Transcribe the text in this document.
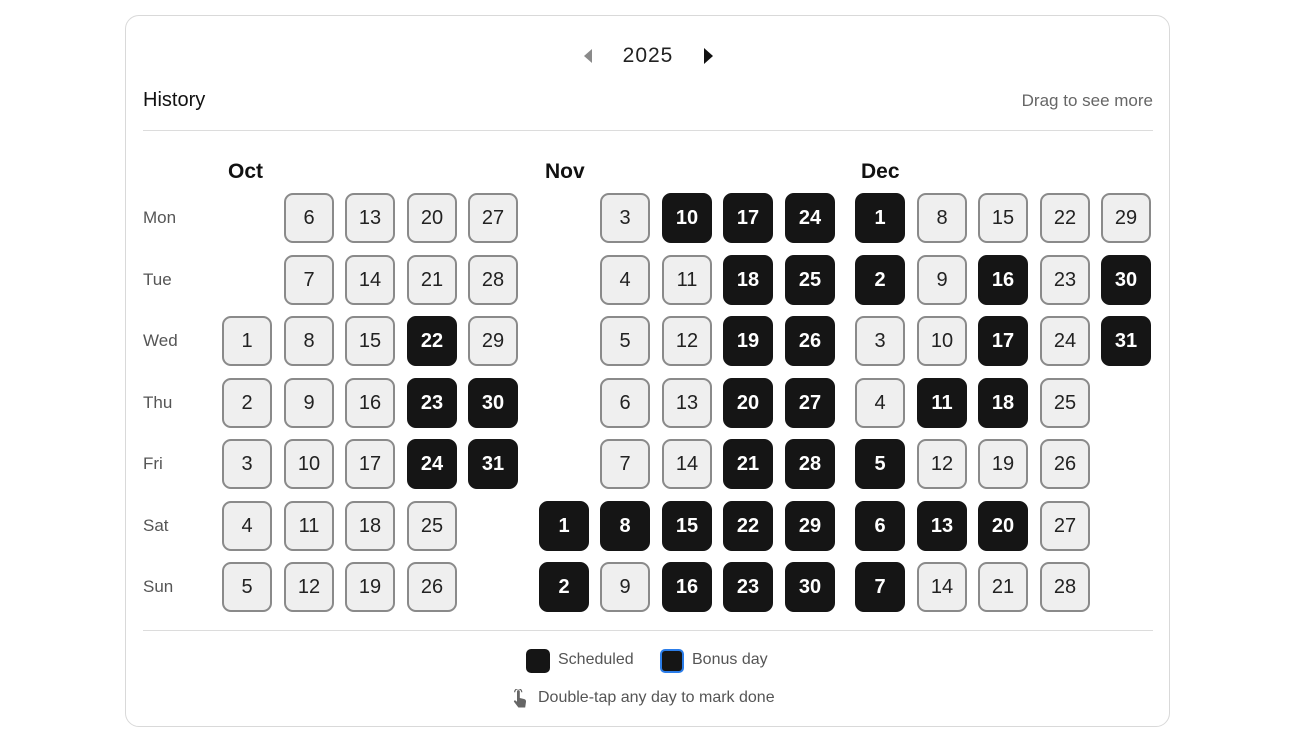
2025
History	Drag to see more
Mon
Tue
Wed
Thu
Fri
Sat
Sun
Oct
1
2
3
4
5
6
7
8
9
10
11
12
13
14
15
16
17
18
19
20
21
22
23
24
25
26
27
28
29
30
31
Nov
1
2
3
4
5
6
7
8
9
10
11
12
13
14
15
16
17
18
19
20
21
22
23
24
25
26
27
28
29
30
Dec
1
2
3
4
5
6
7
8
9
10
11
12
13
14
15
16
17
18
19
20
21
22
23
24
25
26
27
28
29
30
31
Scheduled	Bonus day
Double-tap any day to mark done
